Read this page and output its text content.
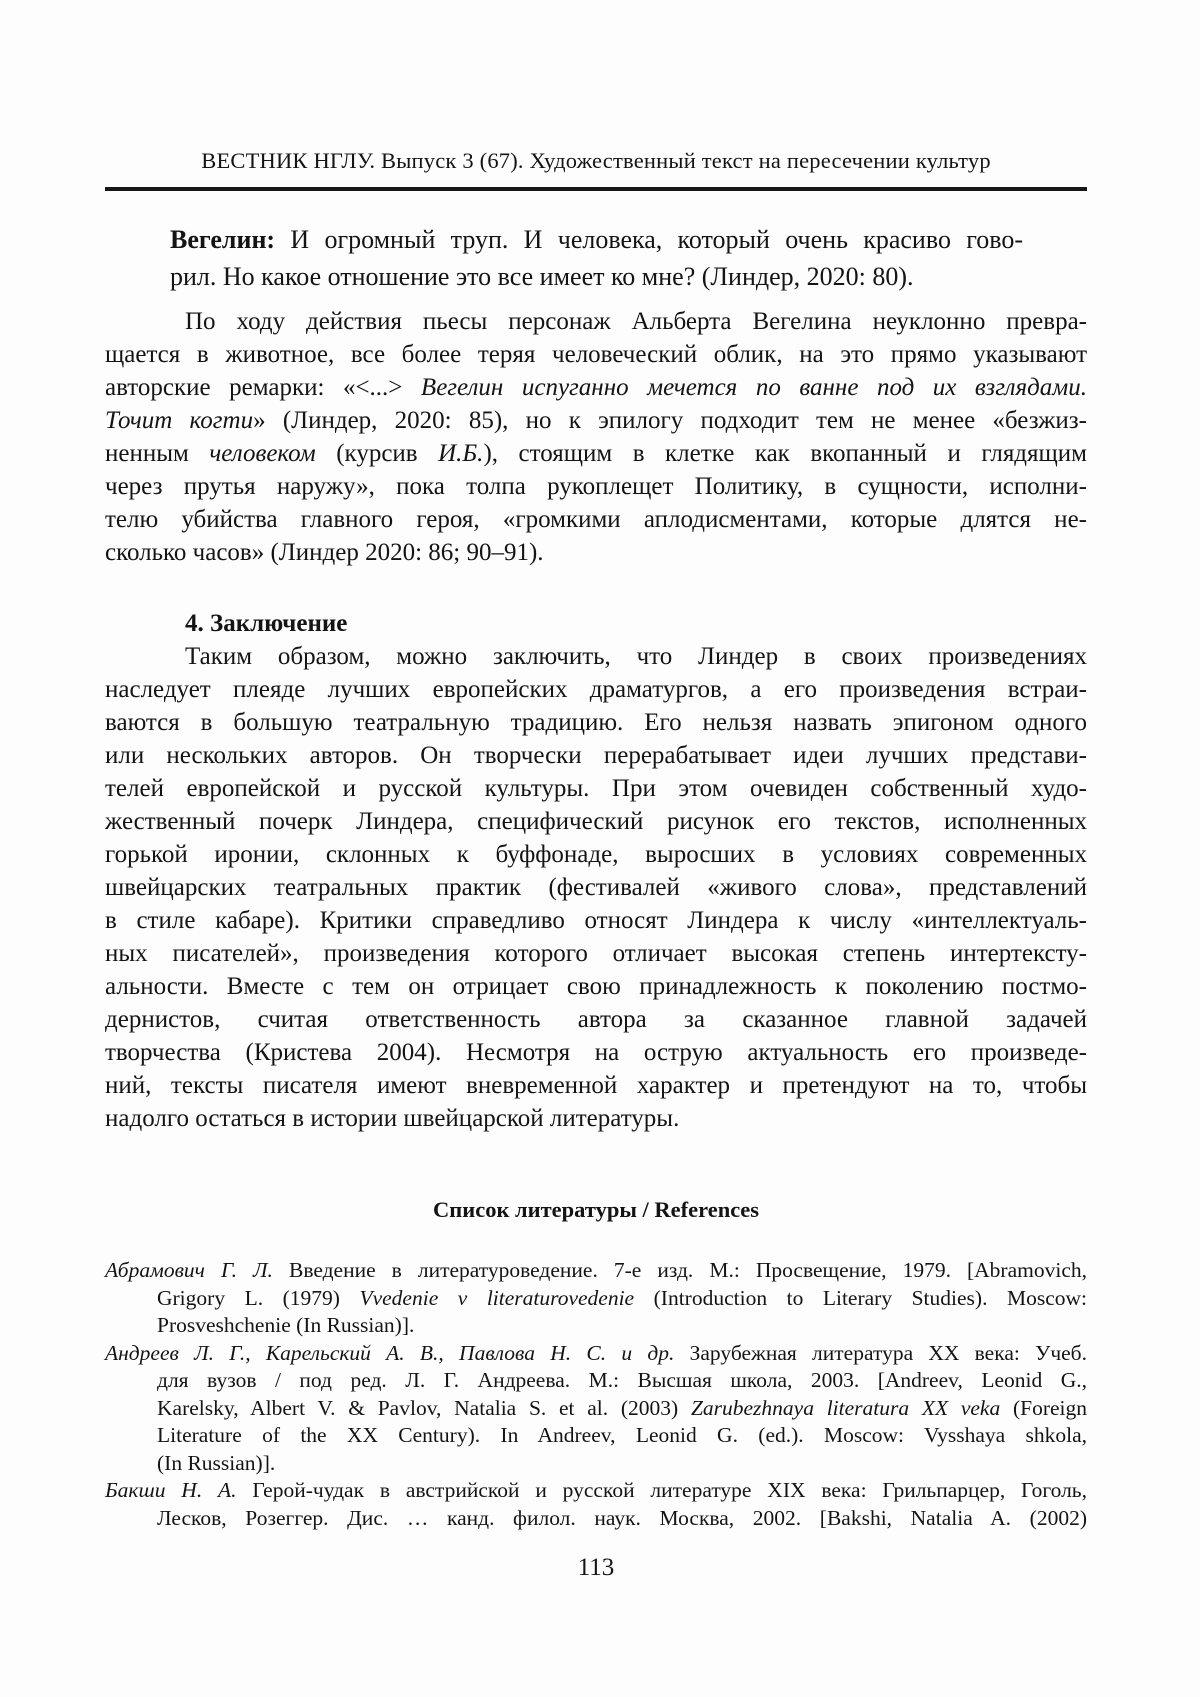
ВЕСТНИК НГЛУ. Выпуск 3 (67). Художественный текст на пересечении культур
Вегелин: И огромный труп. И человека, который очень красиво гово-
рил. Но какое отношение это все имеет ко мне? (Линдер, 2020: 80).
По ходу действия пьесы персонаж Альберта Вегелина неуклонно превра-
щается в животное, все более теряя человеческий облик, на это прямо указывают
авторские ремарки: «<...> Вегелин испуганно мечется по ванне под их взглядами.
Точит когти» (Линдер, 2020: 85), но к эпилогу подходит тем не менее «безжиз-
ненным человеком (курсив И.Б.), стоящим в клетке как вкопанный и глядящим
через прутья наружу», пока толпа рукоплещет Политику, в сущности, исполни-
телю убийства главного героя, «громкими аплодисментами, которые длятся не-
сколько часов» (Линдер 2020: 86; 90–91).
4. Заключение
Таким образом, можно заключить, что Линдер в своих произведениях
наследует плеяде лучших европейских драматургов, а его произведения встраи-
ваются в большую театральную традицию. Его нельзя назвать эпигоном одного
или нескольких авторов. Он творчески перерабатывает идеи лучших представи-
телей европейской и русской культуры. При этом очевиден собственный худо-
жественный почерк Линдера, специфический рисунок его текстов, исполненных
горькой иронии, склонных к буффонаде, выросших в условиях современных
швейцарских театральных практик (фестивалей «живого слова», представлений
в стиле кабаре). Критики справедливо относят Линдера к числу «интеллектуаль-
ных писателей», произведения которого отличает высокая степень интертексту-
альности. Вместе с тем он отрицает свою принадлежность к поколению постмо-
дернистов, считая ответственность автора за сказанное главной задачей
творчества (Кристева 2004). Несмотря на острую актуальность его произведе-
ний, тексты писателя имеют вневременной характер и претендуют на то, чтобы
надолго остаться в истории швейцарской литературы.
Список литературы / References
Абрамович Г. Л. Введение в литературоведение. 7-е изд. М.: Просвещение, 1979. [Abramovich,
Grigory L. (1979) Vvedenie v literaturovedenie (Introduction to Literary Studies). Moscow:
Prosveshchenie (In Russian)].
Андреев Л. Г., Карельский А. В., Павлова Н. С. и др. Зарубежная литература XX века: Учеб.
для вузов / под ред. Л. Г. Андреева. М.: Высшая школа, 2003. [Andreev, Leonid G.,
Karelsky, Albert V. & Pavlov, Natalia S. et al. (2003) Zarubezhnaya literatura XX veka (Foreign
Literature of the XX Century). In Andreev, Leonid G. (ed.). Moscow: Vysshaya shkola,
(In Russian)].
Бакши Н. А. Герой-чудак в австрийской и русской литературе XIX века: Грильпарцер, Гоголь,
Лесков, Розеггер. Дис. … канд. филол. наук. Москва, 2002. [Bakshi, Natalia A. (2002)
113
